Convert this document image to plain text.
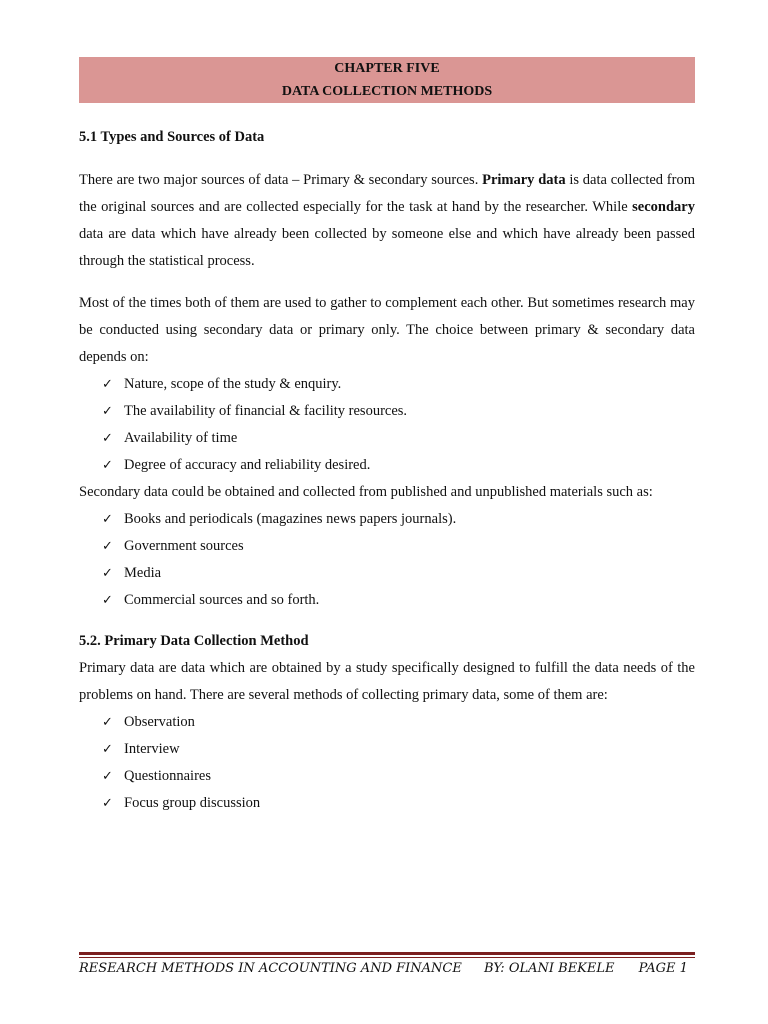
CHAPTER FIVE
DATA COLLECTION METHODS
5.1 Types and Sources of Data

There are two major sources of data – Primary & secondary sources. Primary data is data collected from the original sources and are collected especially for the task at hand by the researcher. While secondary data are data which have already been collected by someone else and which have already been passed through the statistical process.

Most of the times both of them are used to gather to complement each other. But sometimes research may be conducted using secondary data or primary only. The choice between primary & secondary data depends on:

✓ Nature, scope of the study & enquiry.
✓ The availability of financial & facility resources.
✓ Availability of time
✓ Degree of accuracy and reliability desired.

Secondary data could be obtained and collected from published and unpublished materials such as:

✓ Books and periodicals (magazines news papers journals).
✓ Government sources
✓ Media
✓ Commercial sources and so forth.
5.2. Primary Data Collection Method

Primary data are data which are obtained by a study specifically designed to fulfill the data needs of the problems on hand. There are several methods of collecting primary data, some of them are:

✓ Observation
✓ Interview
✓ Questionnaires
✓ Focus group discussion
RESEARCH METHODS IN ACCOUNTING AND FINANCE BY: OLANI BEKELE PAGE 1
